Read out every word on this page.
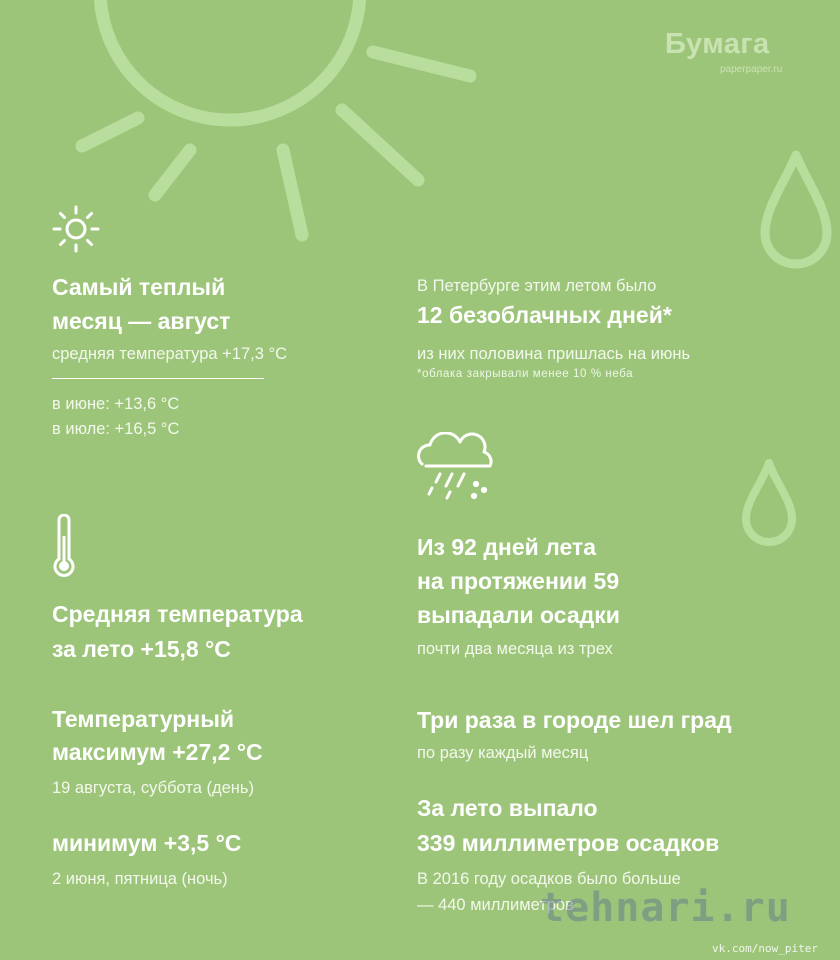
Бумага
paperpaper.ru
Самый теплый
месяц — август
средняя температура +17,3 °С
в июне: +13,6 °С
в июле: +16,5 °С
В Петербурге этим летом было
12 безоблачных дней*
из них половина пришлась на июнь
*облака закрывали менее 10 % неба
Средняя температура
за лето +15,8 °С
Температурный
максимум +27,2 °С
19 августа, суббота (день)
минимум +3,5 °С
2 июня, пятница (ночь)
Из 92 дней лета
на протяжении 59
выпадали осадки
почти два месяца из трех
Три раза в городе шел град
по разу каждый месяц
За лето выпало
339 миллиметров осадков
В 2016 году осадков было больше
— 440 миллиметров
tehnari.ru
vk.com/now_piter
